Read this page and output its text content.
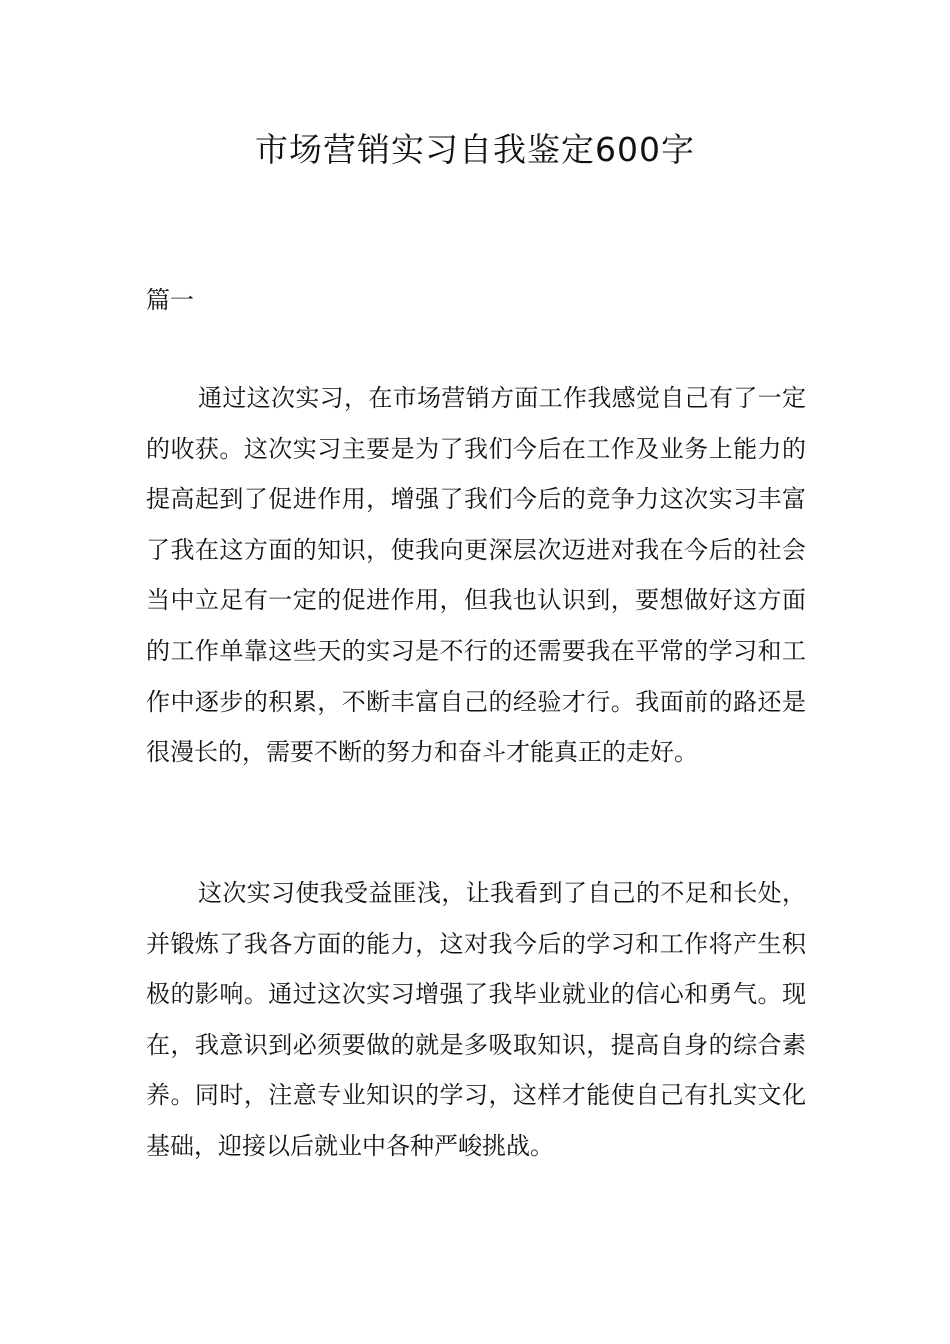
市场营销实习自我鉴定600字

篇一

通过这次实习，在市场营销方面工作我感觉自己有了一定的收获。这次实习主要是为了我们今后在工作及业务上能力的提高起到了促进作用，增强了我们今后的竞争力这次实习丰富了我在这方面的知识，使我向更深层次迈进对我在今后的社会当中立足有一定的促进作用，但我也认识到，要想做好这方面的工作单靠这些天的实习是不行的还需要我在平常的学习和工作中逐步的积累，不断丰富自己的经验才行。我面前的路还是很漫长的，需要不断的努力和奋斗才能真正的走好。

这次实习使我受益匪浅，让我看到了自己的不足和长处，并锻炼了我各方面的能力，这对我今后的学习和工作将产生积极的影响。通过这次实习增强了我毕业就业的信心和勇气。现在，我意识到必须要做的就是多吸取知识，提高自身的综合素养。同时，注意专业知识的学习，这样才能使自己有扎实文化基础，迎接以后就业中各种严峻挑战。
